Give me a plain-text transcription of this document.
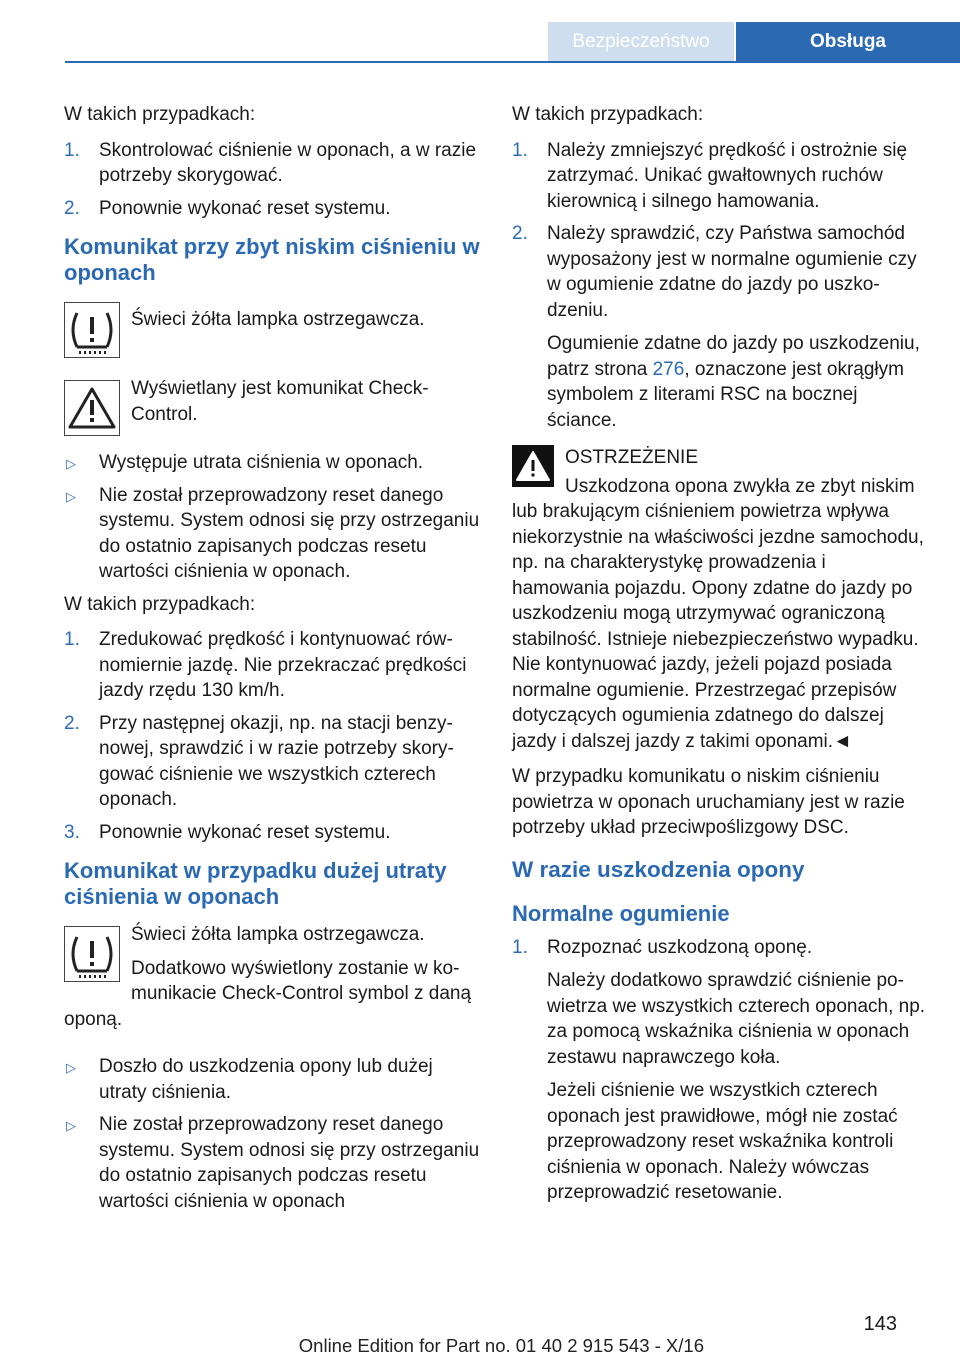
Bezpieczeństwo	Obsługa

W takich przypadkach:

1. Skontrolować ciśnienie w oponach, a w razie potrzeby skorygować.
2. Ponownie wykonać reset systemu.
Komunikat przy zbyt niskim ciśnieniu w oponach

Świeci żółta lampka ostrzegawcza.

Wyświetlany jest komunikat Check-Control.

▷ Występuje utrata ciśnienia w oponach.
▷ Nie został przeprowadzony reset danego systemu. System odnosi się przy ostrzeganiu do ostatnio zapisanych podczas resetu wartości ciśnienia w oponach.

W takich przypadkach:

1. Zredukować prędkość i kontynuować równomiernie jazdę. Nie przekraczać prędkości jazdy rzędu 130 km/h.
2. Przy następnej okazji, np. na stacji benzynowej, sprawdzić i w razie potrzeby skorygować ciśnienie we wszystkich czterech oponach.
3. Ponownie wykonać reset systemu.
Komunikat w przypadku dużej utraty ciśnienia w oponach

Świeci żółta lampka ostrzegawcza.

Dodatkowo wyświetlony zostanie w komunikacie Check-Control symbol z daną oponą.

▷ Doszło do uszkodzenia opony lub dużej utraty ciśnienia.
▷ Nie został przeprowadzony reset danego systemu. System odnosi się przy ostrzeganiu do ostatnio zapisanych podczas resetu wartości ciśnienia w oponach

W takich przypadkach:

1. Należy zmniejszyć prędkość i ostrożnie się zatrzymać. Unikać gwałtownych ruchów kierownicą i silnego hamowania.
2. Należy sprawdzić, czy Państwa samochód wyposażony jest w normalne ogumienie czy w ogumienie zdatne do jazdy po uszkodzeniu.

Ogumienie zdatne do jazdy po uszkodzeniu, patrz strona 276, oznaczone jest okrągłym symbolem z literami RSC na bocznej ściance.

OSTRZEŻENIE

Uszkodzona opona zwykła ze zbyt niskim lub brakującym ciśnieniem powietrza wpływa niekorzystnie na właściwości jezdne samochodu, np. na charakterystykę prowadzenia i hamowania pojazdu. Opony zdatne do jazdy po uszkodzeniu mogą utrzymywać ograniczoną stabilność. Istnieje niebezpieczeństwo wypadku. Nie kontynuować jazdy, jeżeli pojazd posiada normalne ogumienie. Przestrzegać przepisów dotyczących ogumienia zdatnego do dalszej jazdy i dalszej jazdy z takimi oponami.◄

W przypadku komunikatu o niskim ciśnieniu powietrza w oponach uruchamiany jest w razie potrzeby układ przeciwpoślizgowy DSC.

W razie uszkodzenia opony
Normalne ogumienie
1. Rozpoznać uszkodzoną oponę.

Należy dodatkowo sprawdzić ciśnienie powietrza we wszystkich czterech oponach, np. za pomocą wskaźnika ciśnienia w oponach zestawu naprawczego koła.

Jeżeli ciśnienie we wszystkich czterech oponach jest prawidłowe, mógł nie zostać przeprowadzony reset wskaźnika kontroli ciśnienia w oponach. Należy wówczas przeprowadzić resetowanie.

143
Online Edition for Part no. 01 40 2 915 543 - X/16
